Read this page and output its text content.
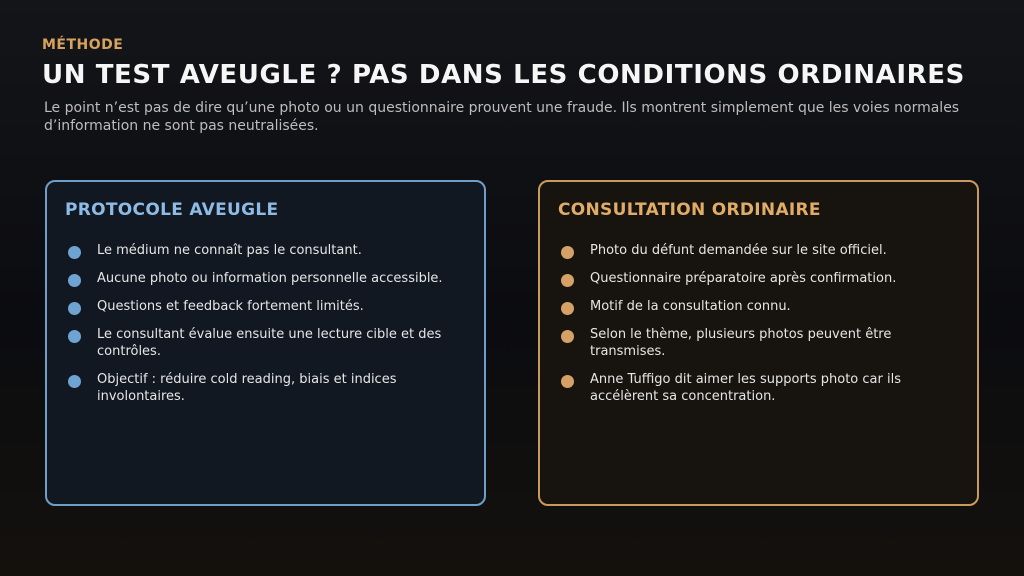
MÉTHODE
UN TEST AVEUGLE ? PAS DANS LES CONDITIONS ORDINAIRES

Le point n’est pas de dire qu’une photo ou un questionnaire prouvent une fraude. Ils montrent simplement que les voies normales d’information ne sont pas neutralisées.

PROTOCOLE AVEUGLE
Le médium ne connaît pas le consultant.
Aucune photo ou information personnelle accessible.
Questions et feedback fortement limités.
Le consultant évalue ensuite une lecture cible et des contrôles.
Objectif : réduire cold reading, biais et indices involontaires.
CONSULTATION ORDINAIRE
Photo du défunt demandée sur le site officiel.
Questionnaire préparatoire après confirmation.
Motif de la consultation connu.
Selon le thème, plusieurs photos peuvent être transmises.
Anne Tuffigo dit aimer les supports photo car ils accélèrent sa concentration.
